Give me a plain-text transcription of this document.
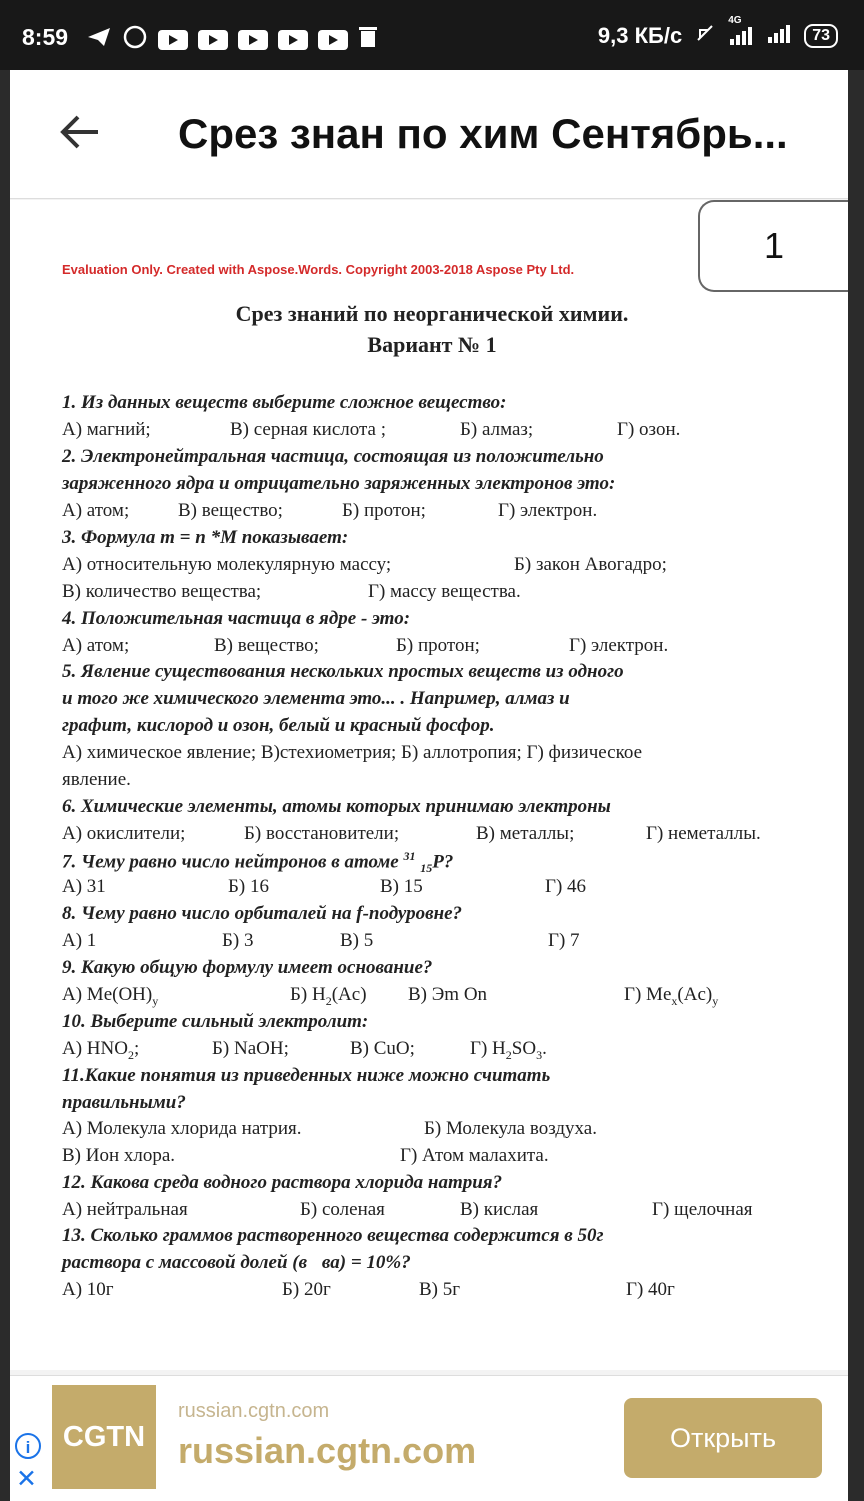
8:59	9,3 КБ/с
4G
73
Срез знан по хим Сентябрь...
1
Evaluation Only. Created with Aspose.Words. Copyright 2003-2018 Aspose Pty Ltd.
Срез знаний по неорганической химии.
Вариант № 1
1. Из данных веществ выберите сложное вещество:
А) магний;	В) серная кислота ;	Б) алмаз;	Г) озон.
2. Электронейтральная частица, состоящая из положительно
заряженного ядра и отрицательно заряженных электронов это:
А) атом;	В) вещество;	Б) протон;	Г) электрон.
3. Формула m = n *M показывает:
А) относительную молекулярную массу;	Б) закон Авогадро;
В) количество вещества;	Г) массу вещества.
4. Положительная частица в ядре - это:
А) атом;	В) вещество;	Б) протон;	Г) электрон.
5. Явление существования нескольких простых веществ из одного
и того же химического элемента это... . Например, алмаз и
графит, кислород и озон, белый и красный фосфор.
А) химическое явление; В)стехиометрия; Б) аллотропия; Г) физическое
явление.
6. Химические элементы, атомы которых принимаю электроны
А) окислители;	Б) восстановители;	В) металлы;	Г) неметаллы.
7. Чему равно число нейтронов в атоме $^{31}$ $_{15}$P?
А) 31	Б) 16	В) 15	Г) 46
8. Чему равно число орбиталей на f-подуровне?
А) 1	Б) 3	В) 5	Г) 7
9. Какую общую формулу имеет основание?
А) $Me(OH)_y$	Б) $H_2(Ac)$ В) Эm On	Г) $Me_x(Ac)_y$
10. Выберите сильный электролит:
А) $HNO_2$;	Б) NaOH;	В) CuO;	Г) $H_2SO_3$.
11.Какие понятия из приведенных ниже можно считать
правильными?
А) Молекула хлорида натрия.	Б) Молекула воздуха.
В) Ион хлора.	Г) Атом малахита.
12. Какова среда водного раствора хлорида натрия?
А) нейтральная	Б) соленая	В) кислая	Г) щелочная
13. Сколько граммов растворенного вещества содержится в 50г
раствора с массовой долей (в⃞ва) = 10%?
А) 10г	Б) 20г	В) 5г	Г) 40г
CGTN
i
✕
russian.cgtn.com
russian.cgtn.com	Открыть
